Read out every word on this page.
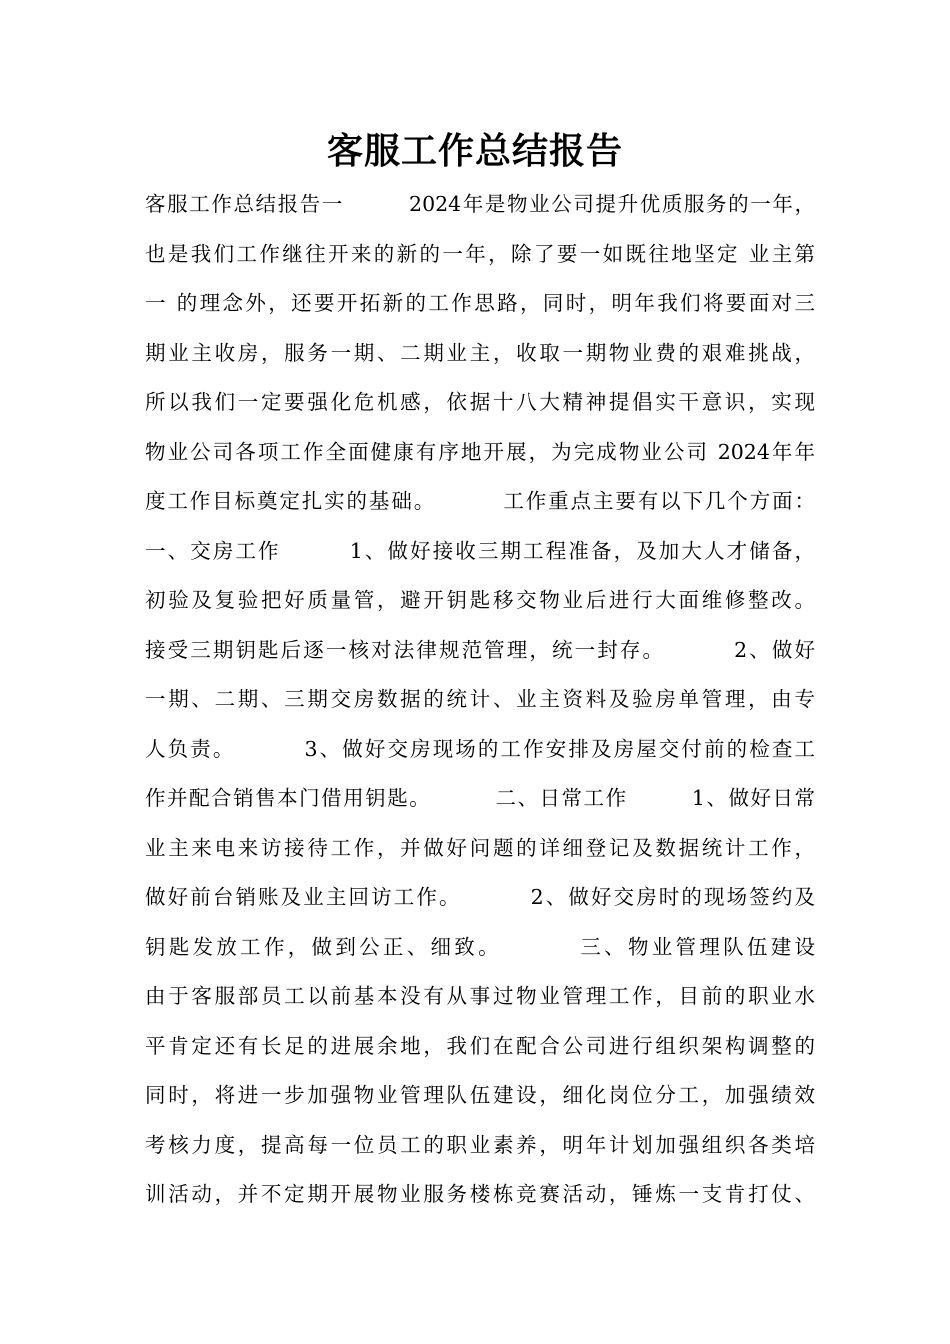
客服工作总结报告
客服工作总结报告一        2024年是物业公司提升优质服务的一年，
也是我们工作继往开来的新的一年，除了要一如既往地坚定 业主第
一 的理念外，还要开拓新的工作思路，同时，明年我们将要面对三
期业主收房，服务一期、二期业主，收取一期物业费的艰难挑战，
所以我们一定要强化危机感，依据十八大精神提倡实干意识，实现
物业公司各项工作全面健康有序地开展，为完成物业公司 2024年年
度工作目标奠定扎实的基础。        工作重点主要有以下几个方面：
一、交房工作        1、做好接收三期工程准备，及加大人才储备，
初验及复验把好质量管，避开钥匙移交物业后进行大面维修整改。
接受三期钥匙后逐一核对法律规范管理，统一封存。        2、做好
一期、二期、三期交房数据的统计、业主资料及验房单管理，由专
人负责。        3、做好交房现场的工作安排及房屋交付前的检查工
作并配合销售本门借用钥匙。        二、日常工作        1、做好日常
业主来电来访接待工作，并做好问题的详细登记及数据统计工作，
做好前台销账及业主回访工作。        2、做好交房时的现场签约及
钥匙发放工作，做到公正、细致。        三、物业管理队伍建设
由于客服部员工以前基本没有从事过物业管理工作，目前的职业水
平肯定还有长足的进展余地，我们在配合公司进行组织架构调整的
同时，将进一步加强物业管理队伍建设，细化岗位分工，加强绩效
考核力度，提高每一位员工的职业素养，明年计划加强组织各类培
训活动，并不定期开展物业服务楼栋竞赛活动，锤炼一支肯打仗、
